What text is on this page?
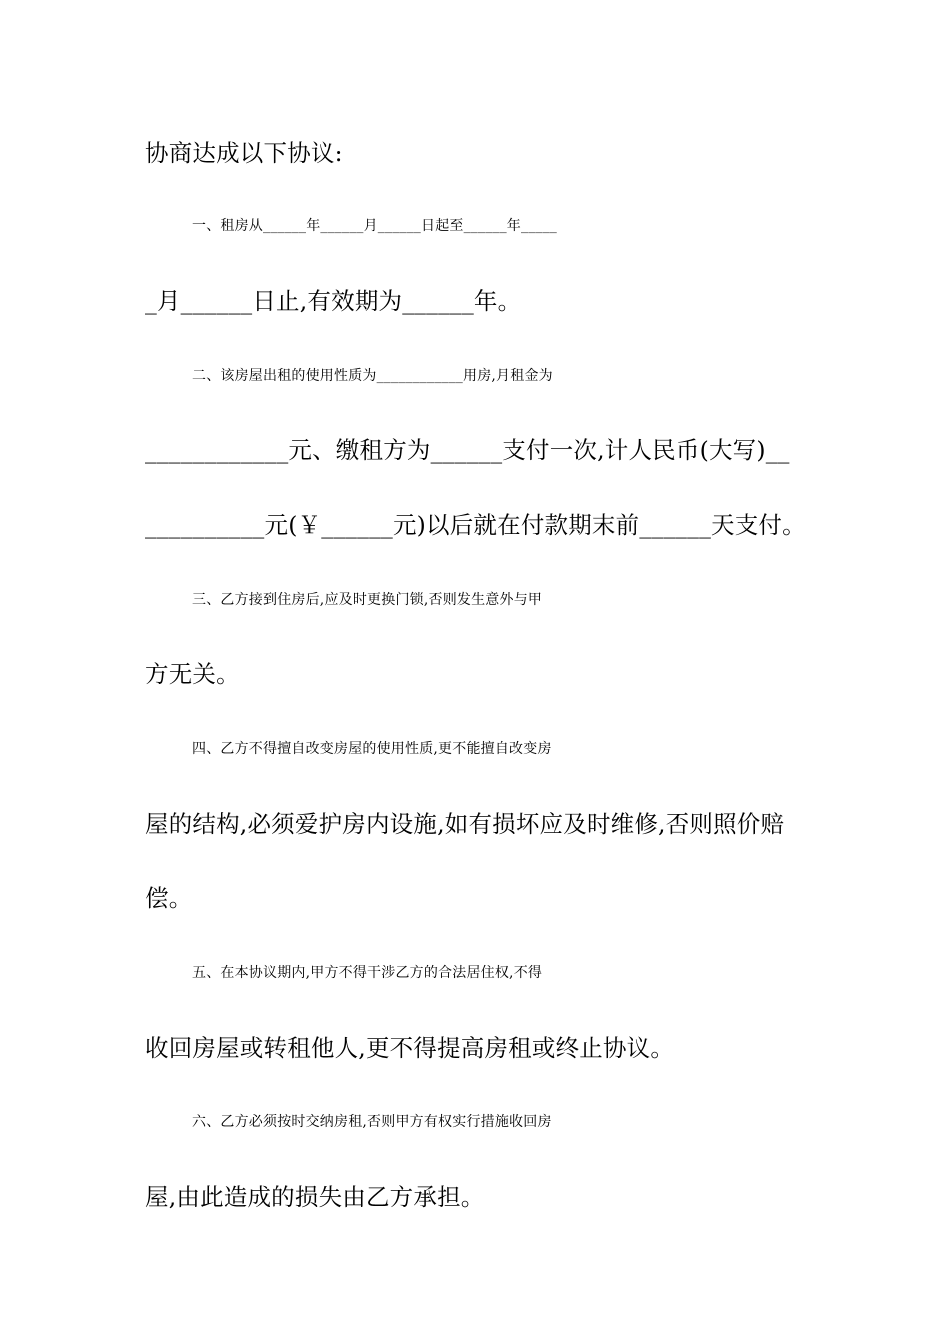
协商达成以下协议:
一、租房从______年______月______日起至______年_____
_月______日止,有效期为______年。
二、该房屋出租的使用性质为____________用房,月租金为
____________元、缴租方为______支付一次,计人民币(大写)__
__________元(￥______元)以后就在付款期末前______天支付。
三、乙方接到住房后,应及时更换门锁,否则发生意外与甲
方无关。
四、乙方不得擅自改变房屋的使用性质,更不能擅自改变房
屋的结构,必须爱护房内设施,如有损坏应及时维修,否则照价赔
偿。
五、在本协议期内,甲方不得干涉乙方的合法居住权,不得
收回房屋或转租他人,更不得提高房租或终止协议。
六、乙方必须按时交纳房租,否则甲方有权实行措施收回房
屋,由此造成的损失由乙方承担。
